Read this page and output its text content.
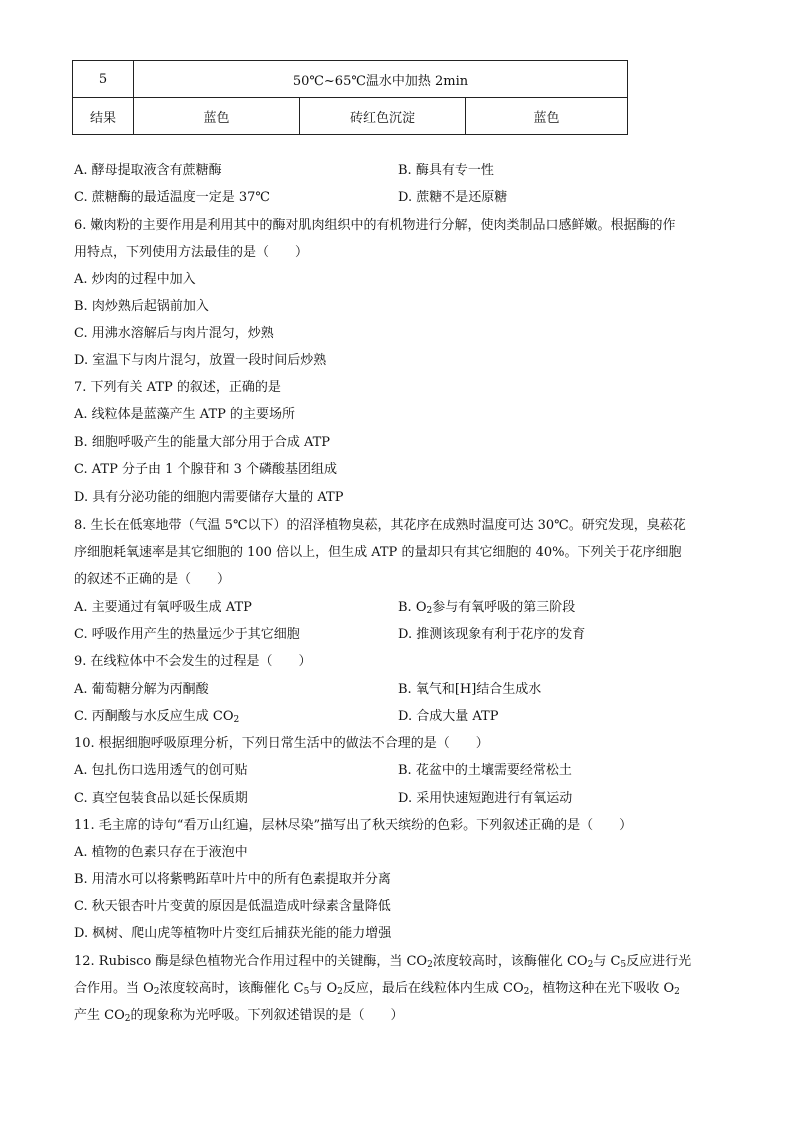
5	50℃~65℃温水中加热 2min		
结果	蓝色	砖红色沉淀	蓝色
A. 酵母提取液含有蔗糖酶	B. 酶具有专一性
C. 蔗糖酶的最适温度一定是 37℃	D. 蔗糖不是还原糖
6. 嫩肉粉的主要作用是利用其中的酶对肌肉组织中的有机物进行分解，使肉类制品口感鲜嫩。根据酶的作
用特点，下列使用方法最佳的是（　　）
A. 炒肉的过程中加入
B. 肉炒熟后起锅前加入
C. 用沸水溶解后与肉片混匀，炒熟
D. 室温下与肉片混匀，放置一段时间后炒熟
7. 下列有关 ATP 的叙述，正确的是
A. 线粒体是蓝藻产生 ATP 的主要场所
B. 细胞呼吸产生的能量大部分用于合成 ATP
C. ATP 分子由 1 个腺苷和 3 个磷酸基团组成
D. 具有分泌功能的细胞内需要储存大量的 ATP
8. 生长在低寒地带（气温 5℃以下）的沼泽植物臭菘，其花序在成熟时温度可达 30℃。研究发现，臭菘花
序细胞耗氧速率是其它细胞的 100 倍以上，但生成 ATP 的量却只有其它细胞的 40%。下列关于花序细胞
的叙述不正确的是（　　）
A. 主要通过有氧呼吸生成 ATP	B. $O_2$参与有氧呼吸的第三阶段
C. 呼吸作用产生的热量远少于其它细胞	D. 推测该现象有利于花序的发育
9. 在线粒体中不会发生的过程是（　　）
A. 葡萄糖分解为丙酮酸	B. 氧气和[H]结合生成水
C. 丙酮酸与水反应生成 $CO_2$	D. 合成大量 ATP
10. 根据细胞呼吸原理分析，下列日常生活中的做法不合理的是（　　）
A. 包扎伤口选用透气的创可贴	B. 花盆中的土壤需要经常松土
C. 真空包装食品以延长保质期	D. 采用快速短跑进行有氧运动
11. 毛主席的诗句“看万山红遍，层林尽染”描写出了秋天缤纷的色彩。下列叙述正确的是（　　）
A. 植物的色素只存在于液泡中
B. 用清水可以将紫鸭跖草叶片中的所有色素提取并分离
C. 秋天银杏叶片变黄的原因是低温造成叶绿素含量降低
D. 枫树、爬山虎等植物叶片变红后捕获光能的能力增强
12. Rubisco 酶是绿色植物光合作用过程中的关键酶，当 $CO_2$浓度较高时，该酶催化 $CO_2$与 $C_5$反应进行光
合作用。当 $O_2$浓度较高时，该酶催化 $C_5$与 $O_2$反应，最后在线粒体内生成 $CO_2$，植物这种在光下吸收 $O_2$
产生 $CO_2$的现象称为光呼吸。下列叙述错误的是（　　）
